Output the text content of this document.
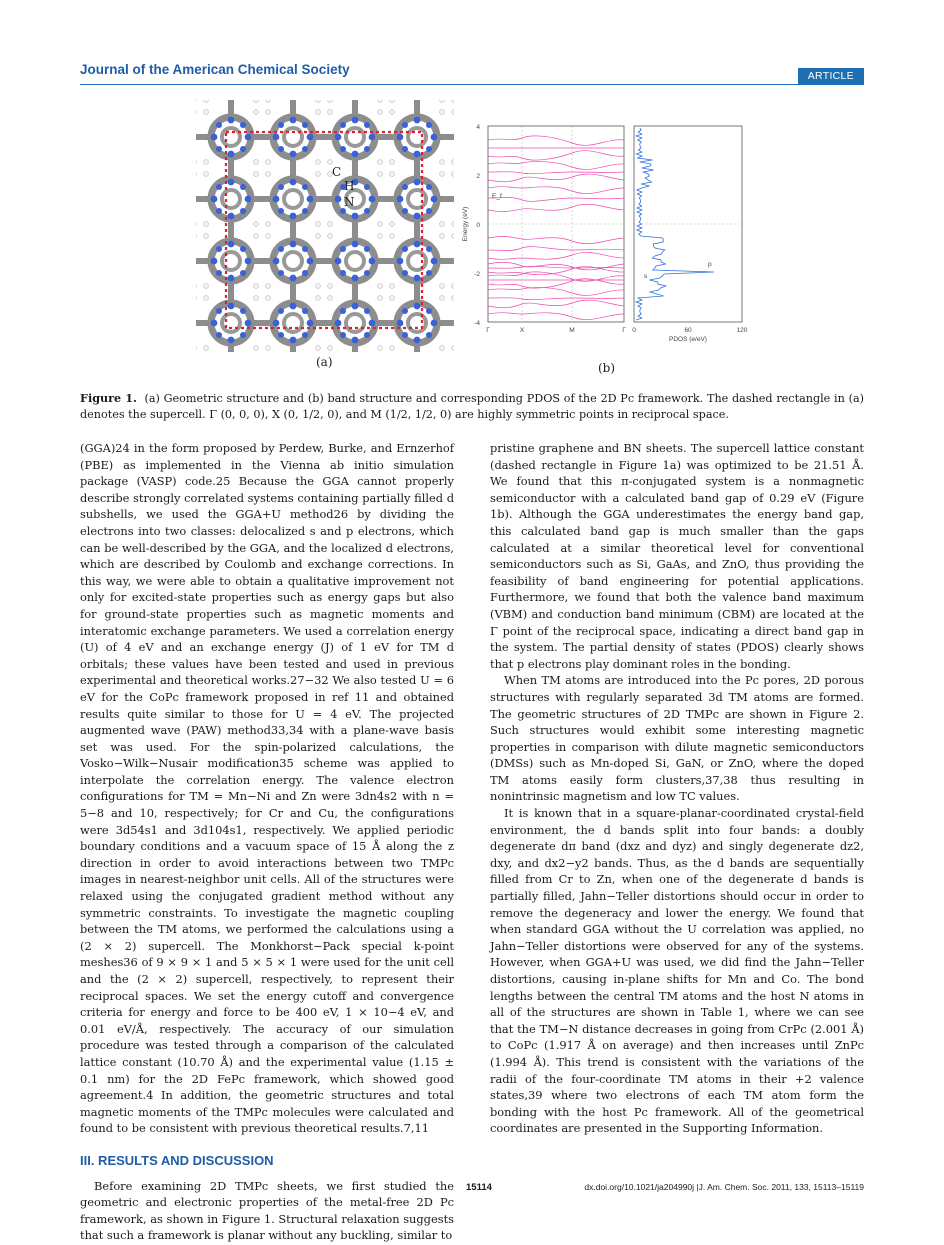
Journal of the American Chemical Society	ARTICLE
C
H
N
(a)
4
2
0
-2
-4
E_f
Γ	X	M	Γ
Energy (eV)
p
s
0	60	120
PDOS (e/eV)
(b)
Figure 1. (a) Geometric structure and (b) band structure and corresponding PDOS of the 2D Pc framework. The dashed rectangle in (a) denotes the supercell. Γ (0, 0, 0), X (0, 1/2, 0), and M (1/2, 1/2, 0) are highly symmetric points in reciprocal space.

(GGA)24 in the form proposed by Perdew, Burke, and Ernzerhof (PBE) as implemented in the Vienna ab initio simulation package (VASP) code.25 Because the GGA cannot properly describe strongly correlated systems containing partially filled d subshells, we used the GGA+U method26 by dividing the electrons into two classes: delocalized s and p electrons, which can be well-described by the GGA, and the localized d electrons, which are described by Coulomb and exchange corrections. In this way, we were able to obtain a qualitative improvement not only for excited-state properties such as energy gaps but also for ground-state properties such as magnetic moments and interatomic exchange parameters. We used a correlation energy (U) of 4 eV and an exchange energy (J) of 1 eV for TM d orbitals; these values have been tested and used in previous experimental and theoretical works.27−32 We also tested U = 6 eV for the CoPc framework proposed in ref 11 and obtained results quite similar to those for U = 4 eV. The projected augmented wave (PAW) method33,34 with a plane-wave basis set was used. For the spin-polarized calculations, the Vosko−Wilk−Nusair modification35 scheme was applied to interpolate the correlation energy. The valence electron configurations for TM = Mn−Ni and Zn were 3dn4s2 with n = 5−8 and 10, respectively; for Cr and Cu, the configurations were 3d54s1 and 3d104s1, respectively. We applied periodic boundary conditions and a vacuum space of 15 Å along the z direction in order to avoid interactions between two TMPc images in nearest-neighbor unit cells. All of the structures were relaxed using the conjugated gradient method without any symmetric constraints. To investigate the magnetic coupling between the TM atoms, we performed the calculations using a (2 × 2) supercell. The Monkhorst−Pack special k-point meshes36 of 9 × 9 × 1 and 5 × 5 × 1 were used for the unit cell and the (2 × 2) supercell, respectively, to represent their reciprocal spaces. We set the energy cutoff and convergence criteria for energy and force to be 400 eV, 1 × 10−4 eV, and 0.01 eV/Å, respectively. The accuracy of our simulation procedure was tested through a comparison of the calculated lattice constant (10.70 Å) and the experimental value (1.15 ± 0.1 nm) for the 2D FePc framework, which showed good agreement.4 In addition, the geometric structures and total magnetic moments of the TMPc molecules were calculated and found to be consistent with previous theoretical results.7,11

III. RESULTS AND DISCUSSION

Before examining 2D TMPc sheets, we first studied the geometric and electronic properties of the metal-free 2D Pc framework, as shown in Figure 1. Structural relaxation suggests that such a framework is planar without any buckling, similar to

pristine graphene and BN sheets. The supercell lattice constant (dashed rectangle in Figure 1a) was optimized to be 21.51 Å. We found that this π-conjugated system is a nonmagnetic semiconductor with a calculated band gap of 0.29 eV (Figure 1b). Although the GGA underestimates the energy band gap, this calculated band gap is much smaller than the gaps calculated at a similar theoretical level for conventional semiconductors such as Si, GaAs, and ZnO, thus providing the feasibility of band engineering for potential applications. Furthermore, we found that both the valence band maximum (VBM) and conduction band minimum (CBM) are located at the Γ point of the reciprocal space, indicating a direct band gap in the system. The partial density of states (PDOS) clearly shows that p electrons play dominant roles in the bonding.

When TM atoms are introduced into the Pc pores, 2D porous structures with regularly separated 3d TM atoms are formed. The geometric structures of 2D TMPc are shown in Figure 2. Such structures would exhibit some interesting magnetic properties in comparison with dilute magnetic semiconductors (DMSs) such as Mn-doped Si, GaN, or ZnO, where the doped TM atoms easily form clusters,37,38 thus resulting in nonintrinsic magnetism and low TC values.

It is known that in a square-planar-coordinated crystal-field environment, the d bands split into four bands: a doubly degenerate dπ band (dxz and dyz) and singly degenerate dz2, dxy, and dx2−y2 bands. Thus, as the d bands are sequentially filled from Cr to Zn, when one of the degenerate d bands is partially filled, Jahn−Teller distortions should occur in order to remove the degeneracy and lower the energy. We found that when standard GGA without the U correlation was applied, no Jahn−Teller distortions were observed for any of the systems. However, when GGA+U was used, we did find the Jahn−Teller distortions, causing in-plane shifts for Mn and Co. The bond lengths between the central TM atoms and the host N atoms in all of the structures are shown in Table 1, where we can see that the TM−N distance decreases in going from CrPc (2.001 Å) to CoPc (1.917 Å on average) and then increases until ZnPc (1.994 Å). This trend is consistent with the variations of the radii of the four-coordinate TM atoms in their +2 valence states,39 where two electrons of each TM atom form the bonding with the host Pc framework. All of the geometrical coordinates are presented in the Supporting Information.

15114	dx.doi.org/10.1021/ja204990j |J. Am. Chem. Soc. 2011, 133, 15113–15119
